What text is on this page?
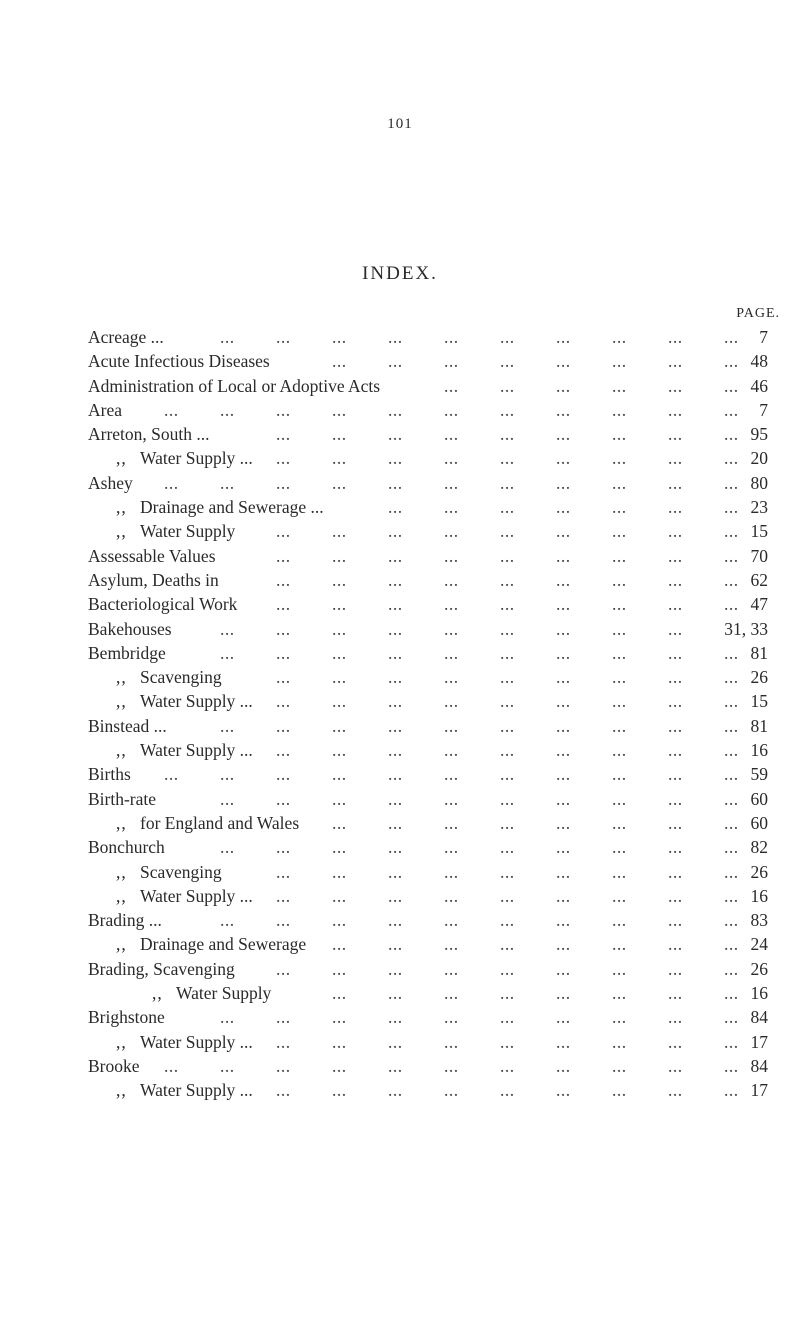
101
INDEX.
PAGE.
Acreage ...	... ... ... ... ... ... ... ... ... ... 7
Acute Infectious Diseases	... ... ... ... ... ... ... ... 48
Administration of Local or Adoptive Acts	... ... ... ... ... ... 46
Area ... ... ... ... ... ... ... ... ... ... ... 7
Arreton, South ...	... ... ... ... ... ... ... ... ... 95
,, Water Supply ... ... ... ... ... ... ... ... ... ... 20
Ashey ... ... ... ... ... ... ... ... ... ... ... 80
,, Drainage and Sewerage ...	... ... ... ... ... ... ... 23
,, Water Supply ... ... ... ... ... ... ... ... ... 15
Assessable Values	... ... ... ... ... ... ... ... ... 70
Asylum, Deaths in	... ... ... ... ... ... ... ... ... 62
Bacteriological Work ... ... ... ... ... ... ... ... ... 47
Bakehouses	... ... ... ... ... ... ... ... ... 31, 33
Bembridge	... ... ... ... ... ... ... ... ... ... 81
,, Scavenging	... ... ... ... ... ... ... ... ... 26
,, Water Supply ... ... ... ... ... ... ... ... ... ... 15
Binstead ...	... ... ... ... ... ... ... ... ... ... 81
,, Water Supply ... ... ... ... ... ... ... ... ... ... 16
Births ... ... ... ... ... ... ... ... ... ... ... 59
Birth-rate	... ... ... ... ... ... ... ... ... ... 60
,, for England and Wales ... ... ... ... ... ... ... ... 60
Bonchurch	... ... ... ... ... ... ... ... ... ... 82
,, Scavenging	... ... ... ... ... ... ... ... ... 26
,, Water Supply ... ... ... ... ... ... ... ... ... ... 16
Brading ...	... ... ... ... ... ... ... ... ... ... 83
,, Drainage and Sewerage ... ... ... ... ... ... ... ... 24
Brading, Scavenging ... ... ... ... ... ... ... ... ... 26
,, Water Supply	... ... ... ... ... ... ... ... 16
Brighstone	... ... ... ... ... ... ... ... ... ... 84
,, Water Supply ... ... ... ... ... ... ... ... ... ... 17
Brooke ... ... ... ... ... ... ... ... ... ... ... 84
,, Water Supply ... ... ... ... ... ... ... ... ... ... 17
